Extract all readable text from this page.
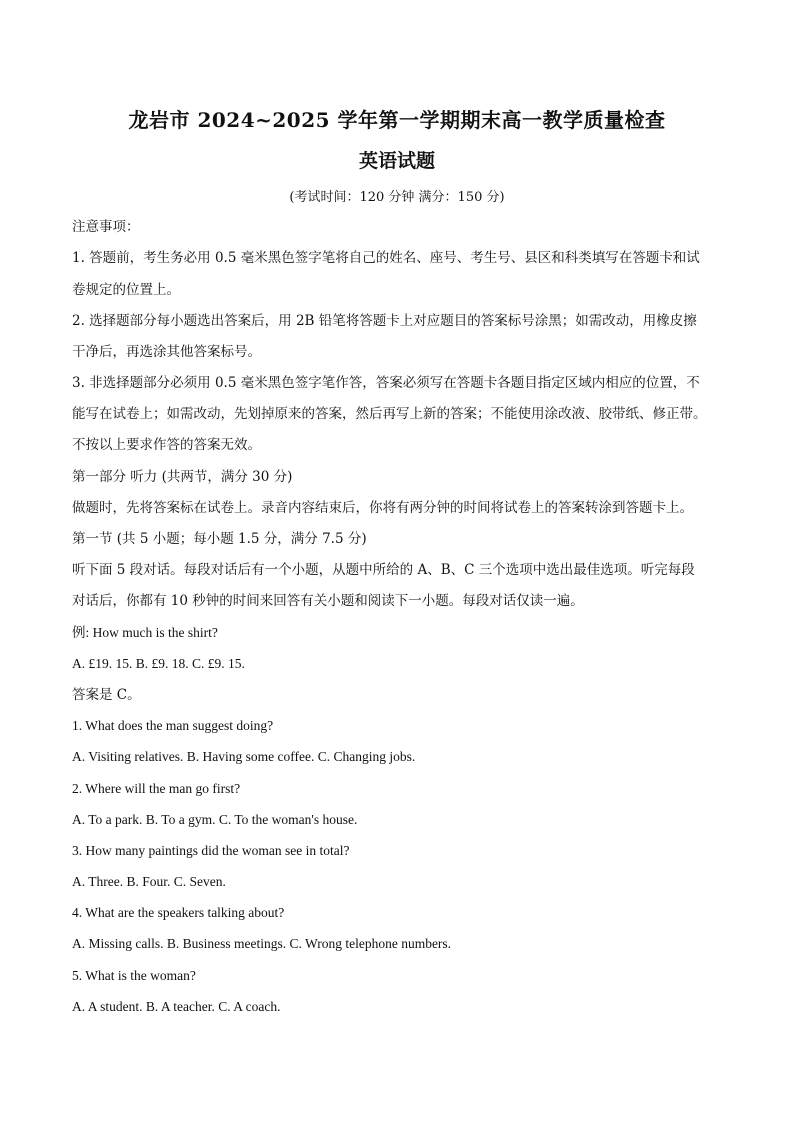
龙岩市 2024~2025 学年第一学期期末高一教学质量检查
英语试题
(考试时间：120 分钟 满分：150 分)
注意事项：
1. 答题前，考生务必用 0.5 毫米黑色签字笔将自己的姓名、座号、考生号、县区和科类填写在答题卡和试
卷规定的位置上。
2. 选择题部分每小题选出答案后，用 2B 铅笔将答题卡上对应题目的答案标号涂黑；如需改动，用橡皮擦
干净后，再选涂其他答案标号。
3. 非选择题部分必须用 0.5 毫米黑色签字笔作答，答案必须写在答题卡各题目指定区域内相应的位置，不
能写在试卷上；如需改动，先划掉原来的答案，然后再写上新的答案；不能使用涂改液、胶带纸、修正带。
不按以上要求作答的答案无效。
第一部分 听力 (共两节，满分 30 分)
做题时，先将答案标在试卷上。录音内容结束后，你将有两分钟的时间将试卷上的答案转涂到答题卡上。
第一节 (共 5 小题；每小题 1.5 分，满分 7.5 分)
听下面 5 段对话。每段对话后有一个小题，从题中所给的 A、B、C 三个选项中选出最佳选项。听完每段
对话后，你都有 10 秒钟的时间来回答有关小题和阅读下一小题。每段对话仅读一遍。
例: How much is the shirt?
A. £19. 15. B. £9. 18. C. £9. 15.
答案是 C。
1. What does the man suggest doing?
A. Visiting relatives. B. Having some coffee. C. Changing jobs.
2. Where will the man go first?
A. To a park. B. To a gym. C. To the woman's house.
3. How many paintings did the woman see in total?
A. Three. B. Four. C. Seven.
4. What are the speakers talking about?
A. Missing calls. B. Business meetings. C. Wrong telephone numbers.
5. What is the woman?
A. A student. B. A teacher. C. A coach.
